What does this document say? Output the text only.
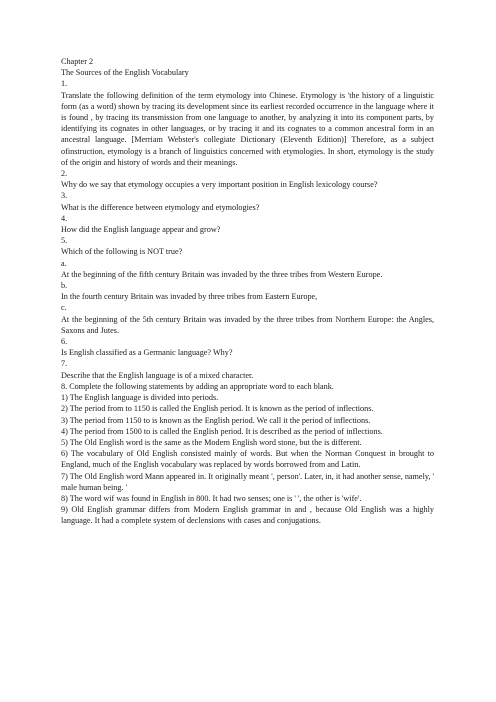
Chapter 2
The Sources of the English Vocabulary
1.
Translate the following definition of the term etymology into Chinese. Etymology is 'the history of a linguistic form (as a word) shown by tracing its development since its earliest recorded occurrence in the language where it is found , by tracing its transmission from one language to another, by analyzing it into its component parts, by identifying its cognates in other languages, or by tracing it and its cognates to a common ancestral form in an ancestral language. [Merriam Webster's collegiate Dictionary (Eleventh Edition)] Therefore, as a subject ofinstruction, etymology is a branch of linguistics concerned with etymologies. In short, etymology is the study of the origin and history of words and their meanings.
2.
Why do we say that etymology occupies a very important position in English lexicology course?
3.
What is the difference between etymology and etymologies?
4.
How did the English language appear and grow?
5.
Which of the following is NOT true?
a.
At the beginning of the fifth century Britain was invaded by the three tribes from Western Europe.
b.
In the fourth century Britain was invaded by three tribes from Eastern Europe,
c.
At the beginning of the 5th century Britain was invaded by the three tribes from Northern Europe: the Angles, Saxons and Jutes.
6.
Is English classified as a Germanic language? Why?
7.
Describe that the English language is of a mixed character.
8. Complete the following statements by adding an appropriate word to each blank.
1) The English language is divided into periods.
2) The period from to 1150 is called the English period. It is known as the period of inflections.
3) The period from 1150 to is known as the English period. We call it the period of inflections.
4) The period from 1500 to is called the English period. It is described as the period of inflections.
5) The Old English word is the same as the Modern English word stone, but the is different.
6) The vocabulary of Old English consisted mainly of words. But when the Norman Conquest in brought to England, much of the English vocabulary was replaced by words borrowed from and Latin.
7) The Old English word Mann appeared in. It originally meant ', person'. Later, in, it had another sense, namely, ' male human being. '
8) The word wif was found in English in 800. It had two senses; one is ' ', the other is 'wife'.
9) Old English grammar differs from Modern English grammar in and , because Old English was a highly language. It had a complete system of declensions with cases and conjugations.
